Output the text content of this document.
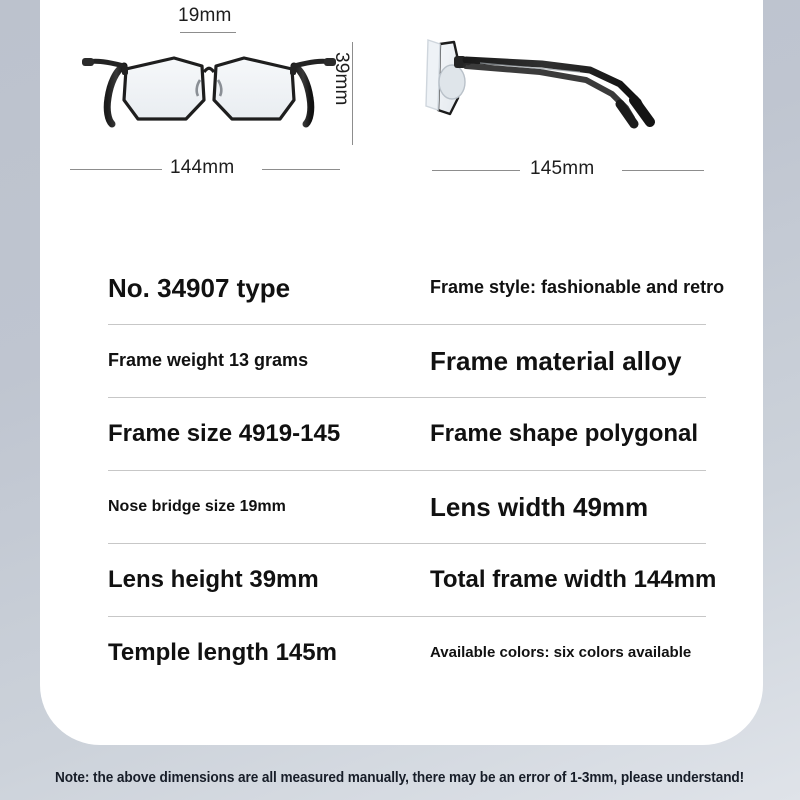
19mm
39mm
144mm	145mm
No. 34907 type	Frame style: fashionable and retro
Frame weight 13 grams	Frame material alloy
Frame size 4919-145	Frame shape polygonal
Nose bridge size 19mm	Lens width 49mm
Lens height 39mm	Total frame width 144mm
Temple length 145m	Available colors: six colors available
Note: the above dimensions are all measured manually, there may be an error of 1-3mm, please understand!
